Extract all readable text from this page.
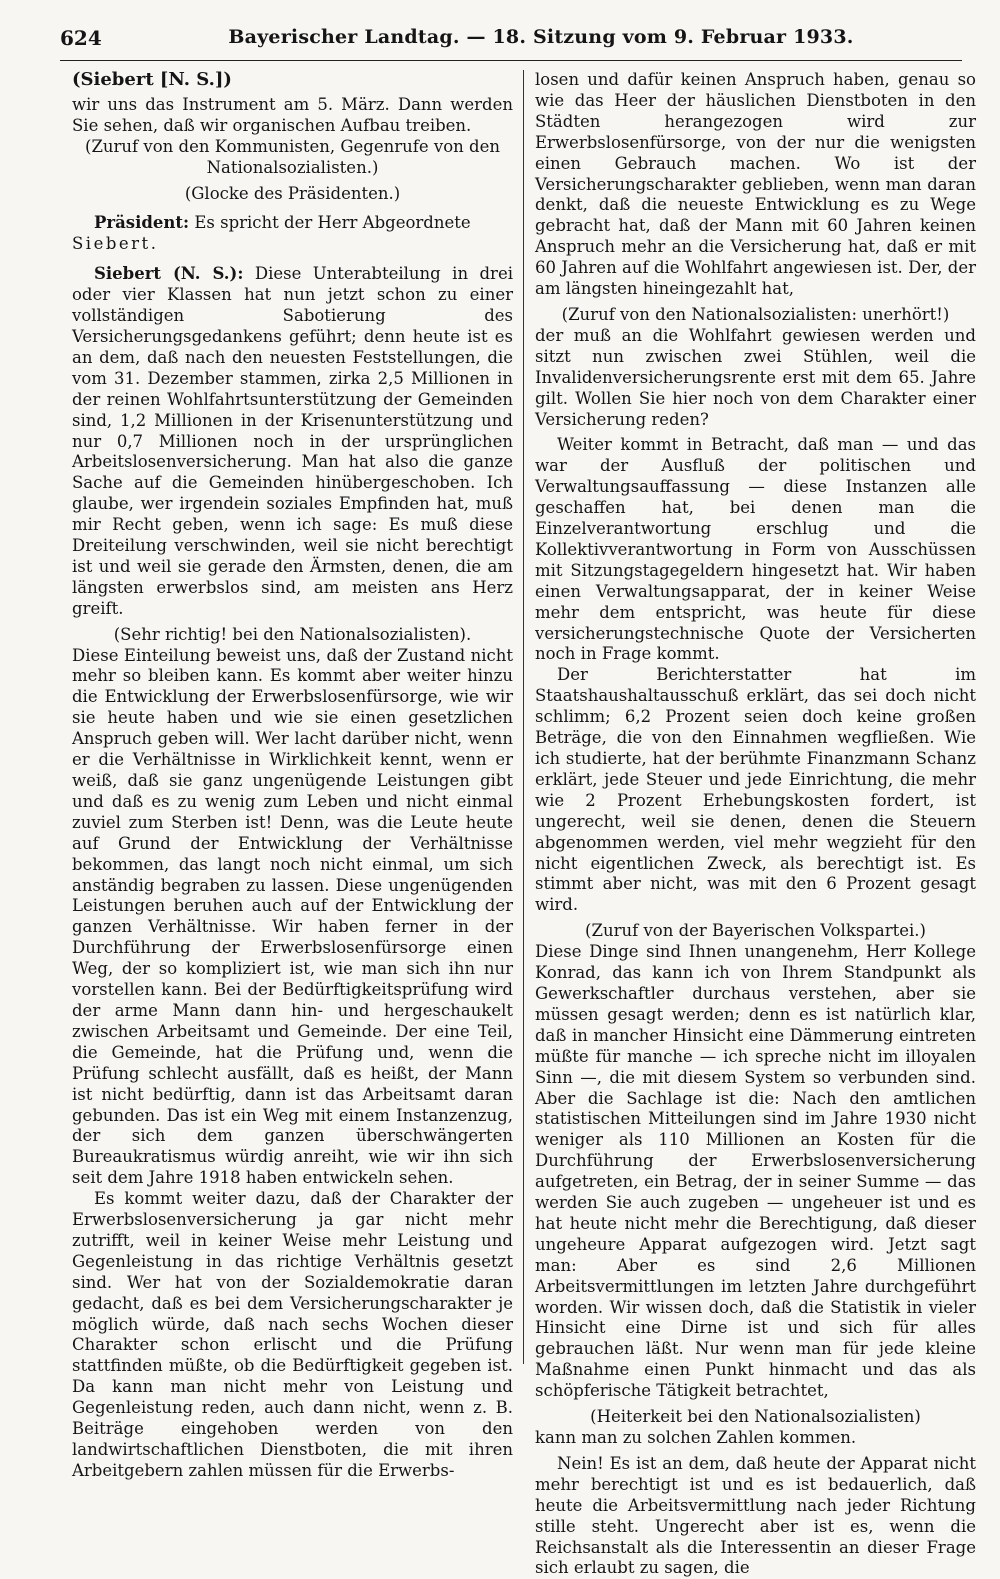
624	Bayerischer Landtag. — 18. Sitzung vom 9. Februar 1933.

(Siebert [N. S.])

wir uns das Instrument am 5. März. Dann werden Sie sehen, daß wir organischen Aufbau treiben.

(Zuruf von den Kommunisten, Gegenrufe von den Nationalsozialisten.)

(Glocke des Präsidenten.)

Präsident: Es spricht der Herr Abgeordnete
Siebert.

Siebert (N. S.): Diese Unterabteilung in drei oder vier Klassen hat nun jetzt schon zu einer vollständigen Sabotierung des Versicherungsgedankens geführt; denn heute ist es an dem, daß nach den neuesten Feststellungen, die vom 31. Dezember stammen, zirka 2,5 Millionen in der reinen Wohlfahrtsunterstützung der Gemeinden sind, 1,2 Millionen in der Krisenunterstützung und nur 0,7 Millionen noch in der ursprünglichen Arbeitslosenversicherung. Man hat also die ganze Sache auf die Gemeinden hinübergeschoben. Ich glaube, wer irgendein soziales Empfinden hat, muß mir Recht geben, wenn ich sage: Es muß diese Dreiteilung verschwinden, weil sie nicht berechtigt ist und weil sie gerade den Ärmsten, denen, die am längsten erwerbslos sind, am meisten ans Herz greift.

(Sehr richtig! bei den Nationalsozialisten).

Diese Einteilung beweist uns, daß der Zustand nicht mehr so bleiben kann. Es kommt aber weiter hinzu die Entwicklung der Erwerbslosenfürsorge, wie wir sie heute haben und wie sie einen gesetzlichen Anspruch geben will. Wer lacht darüber nicht, wenn er die Verhältnisse in Wirklichkeit kennt, wenn er weiß, daß sie ganz ungenügende Leistungen gibt und daß es zu wenig zum Leben und nicht einmal zuviel zum Sterben ist! Denn, was die Leute heute auf Grund der Entwicklung der Verhältnisse bekommen, das langt noch nicht einmal, um sich anständig begraben zu lassen. Diese ungenügenden Leistungen beruhen auch auf der Entwicklung der ganzen Verhältnisse. Wir haben ferner in der Durchführung der Erwerbslosenfürsorge einen Weg, der so kompliziert ist, wie man sich ihn nur vorstellen kann. Bei der Bedürftigkeitsprüfung wird der arme Mann dann hin- und hergeschaukelt zwischen Arbeitsamt und Gemeinde. Der eine Teil, die Gemeinde, hat die Prüfung und, wenn die Prüfung schlecht ausfällt, daß es heißt, der Mann ist nicht bedürftig, dann ist das Arbeitsamt daran gebunden. Das ist ein Weg mit einem Instanzenzug, der sich dem ganzen überschwängerten Bureaukratismus würdig anreiht, wie wir ihn sich seit dem Jahre 1918 haben entwickeln sehen.

Es kommt weiter dazu, daß der Charakter der Erwerbslosenversicherung ja gar nicht mehr zutrifft, weil in keiner Weise mehr Leistung und Gegenleistung in das richtige Verhältnis gesetzt sind. Wer hat von der Sozialdemokratie daran gedacht, daß es bei dem Versicherungscharakter je möglich würde, daß nach sechs Wochen dieser Charakter schon erlischt und die Prüfung stattfinden müßte, ob die Bedürftigkeit gegeben ist. Da kann man nicht mehr von Leistung und Gegenleistung reden, auch dann nicht, wenn z. B. Beiträge eingehoben werden von den landwirtschaftlichen Dienstboten, die mit ihren Arbeitgebern zahlen müssen für die Erwerbs-

losen und dafür keinen Anspruch haben, genau so wie das Heer der häuslichen Dienstboten in den Städten herangezogen wird zur Erwerbslosenfürsorge, von der nur die wenigsten einen Gebrauch machen. Wo ist der Versicherungscharakter geblieben, wenn man daran denkt, daß die neueste Entwicklung es zu Wege gebracht hat, daß der Mann mit 60 Jahren keinen Anspruch mehr an die Versicherung hat, daß er mit 60 Jahren auf die Wohlfahrt angewiesen ist. Der, der am längsten hineingezahlt hat,

(Zuruf von den Nationalsozialisten: unerhört!)

der muß an die Wohlfahrt gewiesen werden und sitzt nun zwischen zwei Stühlen, weil die Invalidenversicherungsrente erst mit dem 65. Jahre gilt. Wollen Sie hier noch von dem Charakter einer Versicherung reden?

Weiter kommt in Betracht, daß man — und das war der Ausfluß der politischen und Verwaltungsauffassung — diese Instanzen alle geschaffen hat, bei denen man die Einzelverantwortung erschlug und die Kollektivverantwortung in Form von Ausschüssen mit Sitzungstagegeldern hingesetzt hat. Wir haben einen Verwaltungsapparat, der in keiner Weise mehr dem entspricht, was heute für diese versicherungstechnische Quote der Versicherten noch in Frage kommt.

Der Berichterstatter hat im Staatshaushaltausschuß erklärt, das sei doch nicht schlimm; 6,2 Prozent seien doch keine großen Beträge, die von den Einnahmen wegfließen. Wie ich studierte, hat der berühmte Finanzmann Schanz erklärt, jede Steuer und jede Einrichtung, die mehr wie 2 Prozent Erhebungskosten fordert, ist ungerecht, weil sie denen, denen die Steuern abgenommen werden, viel mehr wegzieht für den nicht eigentlichen Zweck, als berechtigt ist. Es stimmt aber nicht, was mit den 6 Prozent gesagt wird.

(Zuruf von der Bayerischen Volkspartei.)

Diese Dinge sind Ihnen unangenehm, Herr Kollege Konrad, das kann ich von Ihrem Standpunkt als Gewerkschaftler durchaus verstehen, aber sie müssen gesagt werden; denn es ist natürlich klar, daß in mancher Hinsicht eine Dämmerung eintreten müßte für manche — ich spreche nicht im illoyalen Sinn —, die mit diesem System so verbunden sind. Aber die Sachlage ist die: Nach den amtlichen statistischen Mitteilungen sind im Jahre 1930 nicht weniger als 110 Millionen an Kosten für die Durchführung der Erwerbslosenversicherung aufgetreten, ein Betrag, der in seiner Summe — das werden Sie auch zugeben — ungeheuer ist und es hat heute nicht mehr die Berechtigung, daß dieser ungeheure Apparat aufgezogen wird. Jetzt sagt man: Aber es sind 2,6 Millionen Arbeitsvermittlungen im letzten Jahre durchgeführt worden. Wir wissen doch, daß die Statistik in vieler Hinsicht eine Dirne ist und sich für alles gebrauchen läßt. Nur wenn man für jede kleine Maßnahme einen Punkt hinmacht und das als schöpferische Tätigkeit betrachtet,

(Heiterkeit bei den Nationalsozialisten)

kann man zu solchen Zahlen kommen.

Nein! Es ist an dem, daß heute der Apparat nicht mehr berechtigt ist und es ist bedauerlich, daß heute die Arbeitsvermittlung nach jeder Richtung stille steht. Ungerecht aber ist es, wenn die Reichsanstalt als die Interessentin an dieser Frage sich erlaubt zu sagen, die
